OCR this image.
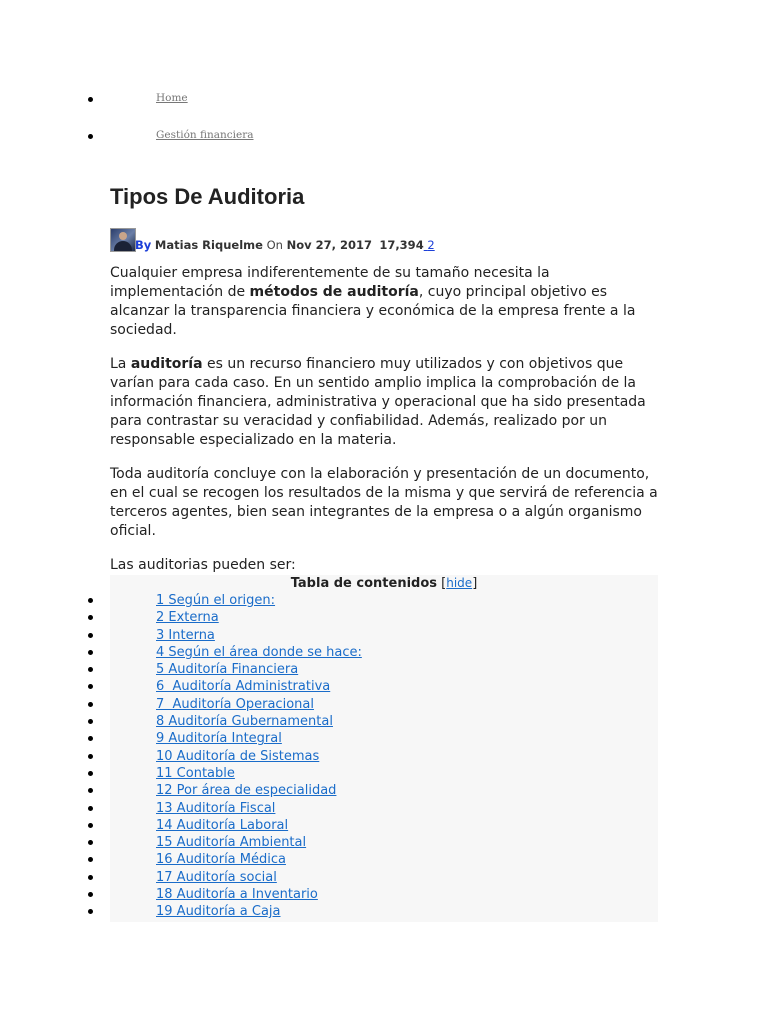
Home
Gestión financiera
Tipos De Auditoria
By Matias Riquelme On Nov 27, 2017 17,394 2

Cualquier empresa indiferentemente de su tamaño necesita la implementación de métodos de auditoría, cuyo principal objetivo es alcanzar la transparencia financiera y económica de la empresa frente a la sociedad.

La auditoría es un recurso financiero muy utilizados y con objetivos que varían para cada caso. En un sentido amplio implica la comprobación de la información financiera, administrativa y operacional que ha sido presentada para contrastar su veracidad y confiabilidad. Además, realizado por un responsable especializado en la materia.

Toda auditoría concluye con la elaboración y presentación de un documento, en el cual se recogen los resultados de la misma y que servirá de referencia a terceros agentes, bien sean integrantes de la empresa o a algún organismo oficial.

Las auditorias pueden ser:

Tabla de contenidos [hide]
1 Según el origen:
2 Externa
3 Interna
4 Según el área donde se hace:
5 Auditoría Financiera
6  Auditoría Administrativa
7  Auditoría Operacional
8 Auditoría Gubernamental
9 Auditoría Integral
10 Auditoría de Sistemas
11 Contable
12 Por área de especialidad
13 Auditoría Fiscal
14 Auditoría Laboral
15 Auditoría Ambiental
16 Auditoría Médica
17 Auditoría social
18 Auditoría a Inventario
19 Auditoría a Caja
